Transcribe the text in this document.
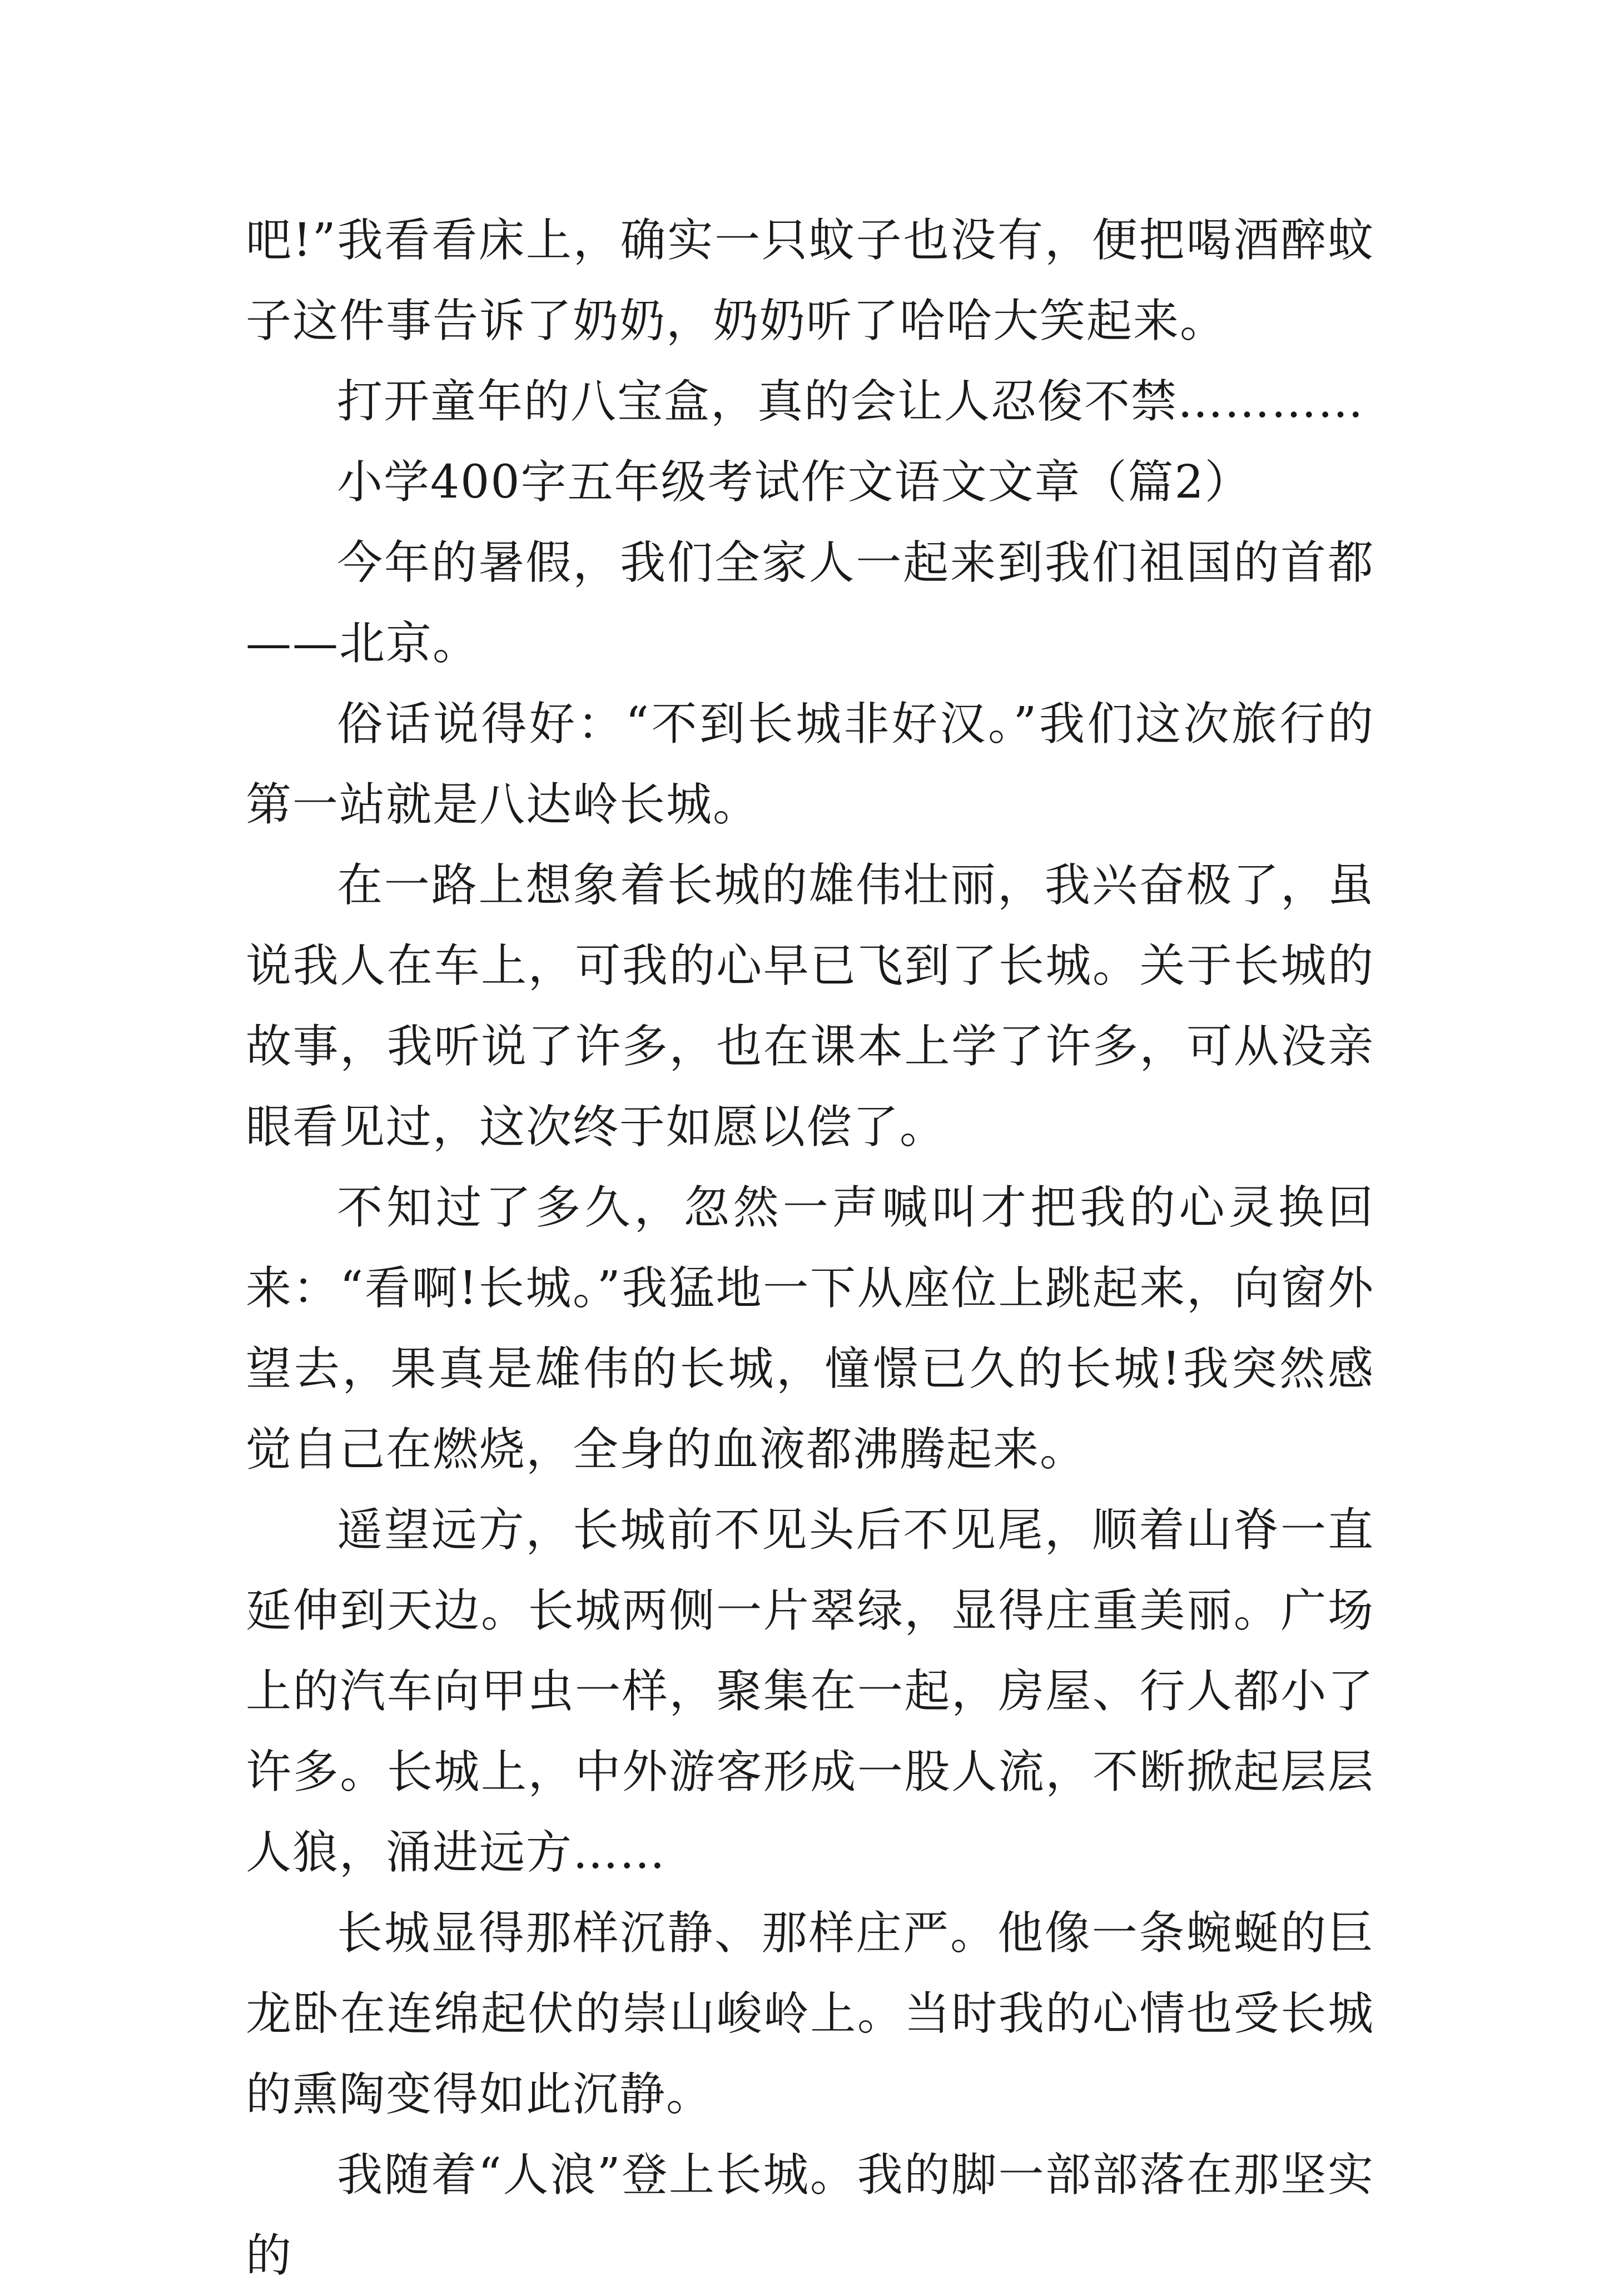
吧!”我看看床上，确实一只蚊子也没有，便把喝酒醉蚊子这件事告诉了奶奶，奶奶听了哈哈大笑起来。

打开童年的八宝盒，真的会让人忍俊不禁…………

小学400字五年级考试作文语文文章（篇2）

今年的暑假，我们全家人一起来到我们祖国的首都——北京。

俗话说得好：“不到长城非好汉。”我们这次旅行的第一站就是八达岭长城。

在一路上想象着长城的雄伟壮丽，我兴奋极了，虽说我人在车上，可我的心早已飞到了长城。关于长城的故事，我听说了许多，也在课本上学了许多，可从没亲眼看见过，这次终于如愿以偿了。

不知过了多久，忽然一声喊叫才把我的心灵换回来：“看啊!长城。”我猛地一下从座位上跳起来，向窗外望去，果真是雄伟的长城，憧憬已久的长城!我突然感觉自己在燃烧，全身的血液都沸腾起来。

遥望远方，长城前不见头后不见尾，顺着山脊一直延伸到天边。长城两侧一片翠绿，显得庄重美丽。广场上的汽车向甲虫一样，聚集在一起，房屋、行人都小了许多。长城上，中外游客形成一股人流，不断掀起层层人狼，涌进远方……

长城显得那样沉静、那样庄严。他像一条蜿蜒的巨龙卧在连绵起伏的崇山峻岭上。当时我的心情也受长城的熏陶变得如此沉静。

我随着“人浪”登上长城。我的脚一部部落在那坚实的
